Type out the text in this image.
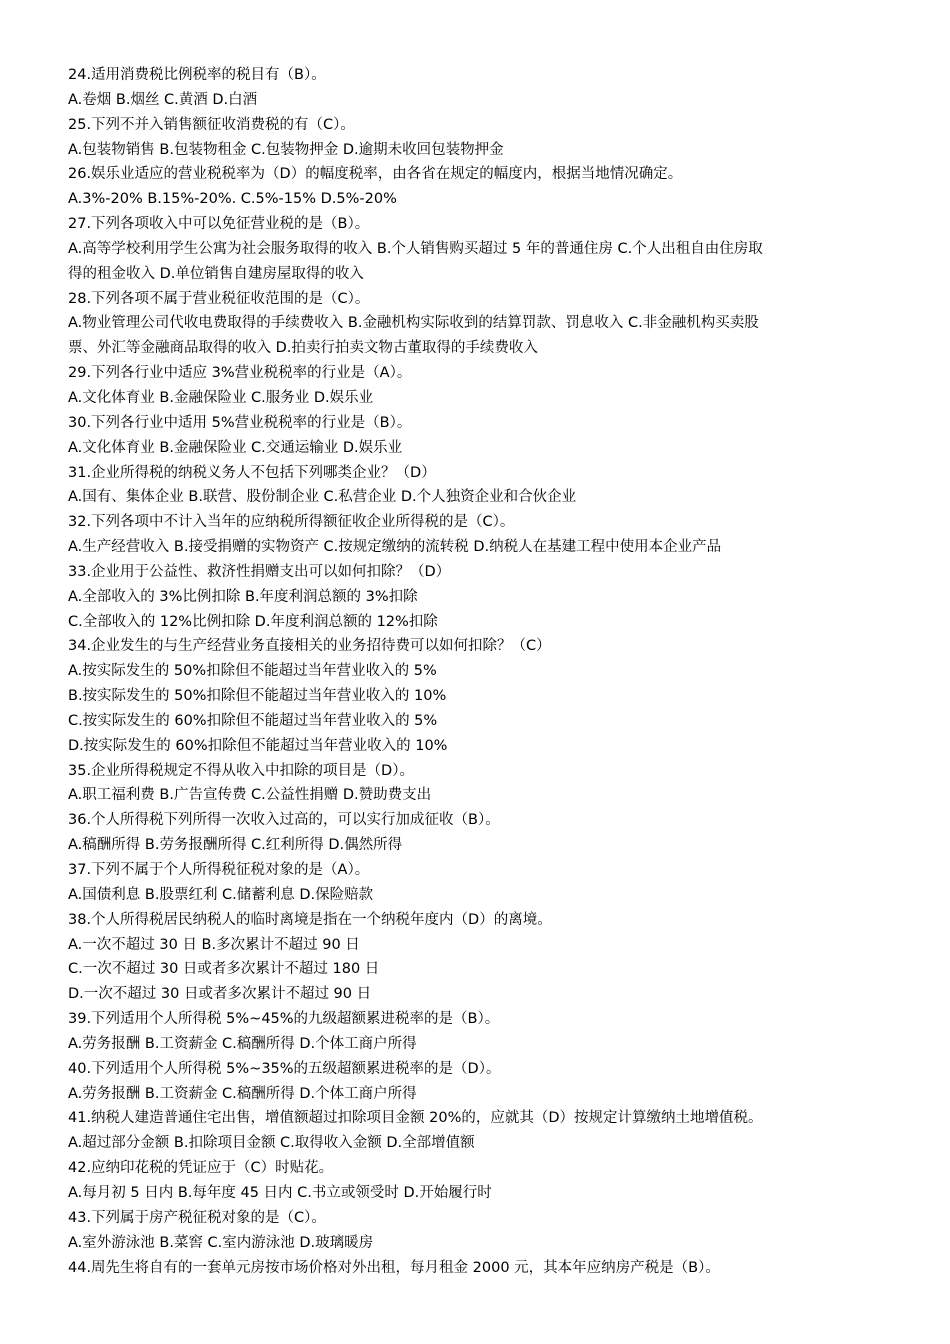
24.适用消费税比例税率的税目有（B）。
A.卷烟 B.烟丝 C.黄酒 D.白酒
25.下列不并入销售额征收消费税的有（C）。
A.包装物销售 B.包装物租金 C.包装物押金 D.逾期未收回包装物押金
26.娱乐业适应的营业税税率为（D）的幅度税率，由各省在规定的幅度内，根据当地情况确定。
A.3%-20% B.15%-20%. C.5%-15% D.5%-20%
27.下列各项收入中可以免征营业税的是（B）。
A.高等学校利用学生公寓为社会服务取得的收入 B.个人销售购买超过 5 年的普通住房 C.个人出租自由住房取
得的租金收入 D.单位销售自建房屋取得的收入
28.下列各项不属于营业税征收范围的是（C）。
A.物业管理公司代收电费取得的手续费收入 B.金融机构实际收到的结算罚款、罚息收入 C.非金融机构买卖股
票、外汇等金融商品取得的收入 D.拍卖行拍卖文物古董取得的手续费收入
29.下列各行业中适应 3%营业税税率的行业是（A）。
A.文化体育业 B.金融保险业 C.服务业 D.娱乐业
30.下列各行业中适用 5%营业税税率的行业是（B）。
A.文化体育业 B.金融保险业 C.交通运输业 D.娱乐业
31.企业所得税的纳税义务人不包括下列哪类企业？（D）
A.国有、集体企业 B.联营、股份制企业 C.私营企业 D.个人独资企业和合伙企业
32.下列各项中不计入当年的应纳税所得额征收企业所得税的是（C）。
A.生产经营收入 B.接受捐赠的实物资产 C.按规定缴纳的流转税 D.纳税人在基建工程中使用本企业产品
33.企业用于公益性、救济性捐赠支出可以如何扣除？（D）
A.全部收入的 3%比例扣除 B.年度利润总额的 3%扣除
C.全部收入的 12%比例扣除 D.年度利润总额的 12%扣除
34.企业发生的与生产经营业务直接相关的业务招待费可以如何扣除？（C）
A.按实际发生的 50%扣除但不能超过当年营业收入的 5%
B.按实际发生的 50%扣除但不能超过当年营业收入的 10%
C.按实际发生的 60%扣除但不能超过当年营业收入的 5%
D.按实际发生的 60%扣除但不能超过当年营业收入的 10%
35.企业所得税规定不得从收入中扣除的项目是（D）。
A.职工福利费 B.广告宣传费 C.公益性捐赠 D.赞助费支出
36.个人所得税下列所得一次收入过高的，可以实行加成征收（B）。
A.稿酬所得 B.劳务报酬所得 C.红利所得 D.偶然所得
37.下列不属于个人所得税征税对象的是（A）。
A.国债利息 B.股票红利 C.储蓄利息 D.保险赔款
38.个人所得税居民纳税人的临时离境是指在一个纳税年度内（D）的离境。
A.一次不超过 30 日 B.多次累计不超过 90 日
C.一次不超过 30 日或者多次累计不超过 180 日
D.一次不超过 30 日或者多次累计不超过 90 日
39.下列适用个人所得税 5%~45%的九级超额累进税率的是（B）。
A.劳务报酬 B.工资薪金 C.稿酬所得 D.个体工商户所得
40.下列适用个人所得税 5%~35%的五级超额累进税率的是（D）。
A.劳务报酬 B.工资薪金 C.稿酬所得 D.个体工商户所得
41.纳税人建造普通住宅出售，增值额超过扣除项目金额 20%的，应就其（D）按规定计算缴纳土地增值税。
A.超过部分金额 B.扣除项目金额 C.取得收入金额 D.全部增值额
42.应纳印花税的凭证应于（C）时贴花。
A.每月初 5 日内 B.每年度 45 日内 C.书立或领受时 D.开始履行时
43.下列属于房产税征税对象的是（C）。
A.室外游泳池 B.菜窖 C.室内游泳池 D.玻璃暖房
44.周先生将自有的一套单元房按市场价格对外出租，每月租金 2000 元，其本年应纳房产税是（B）。
